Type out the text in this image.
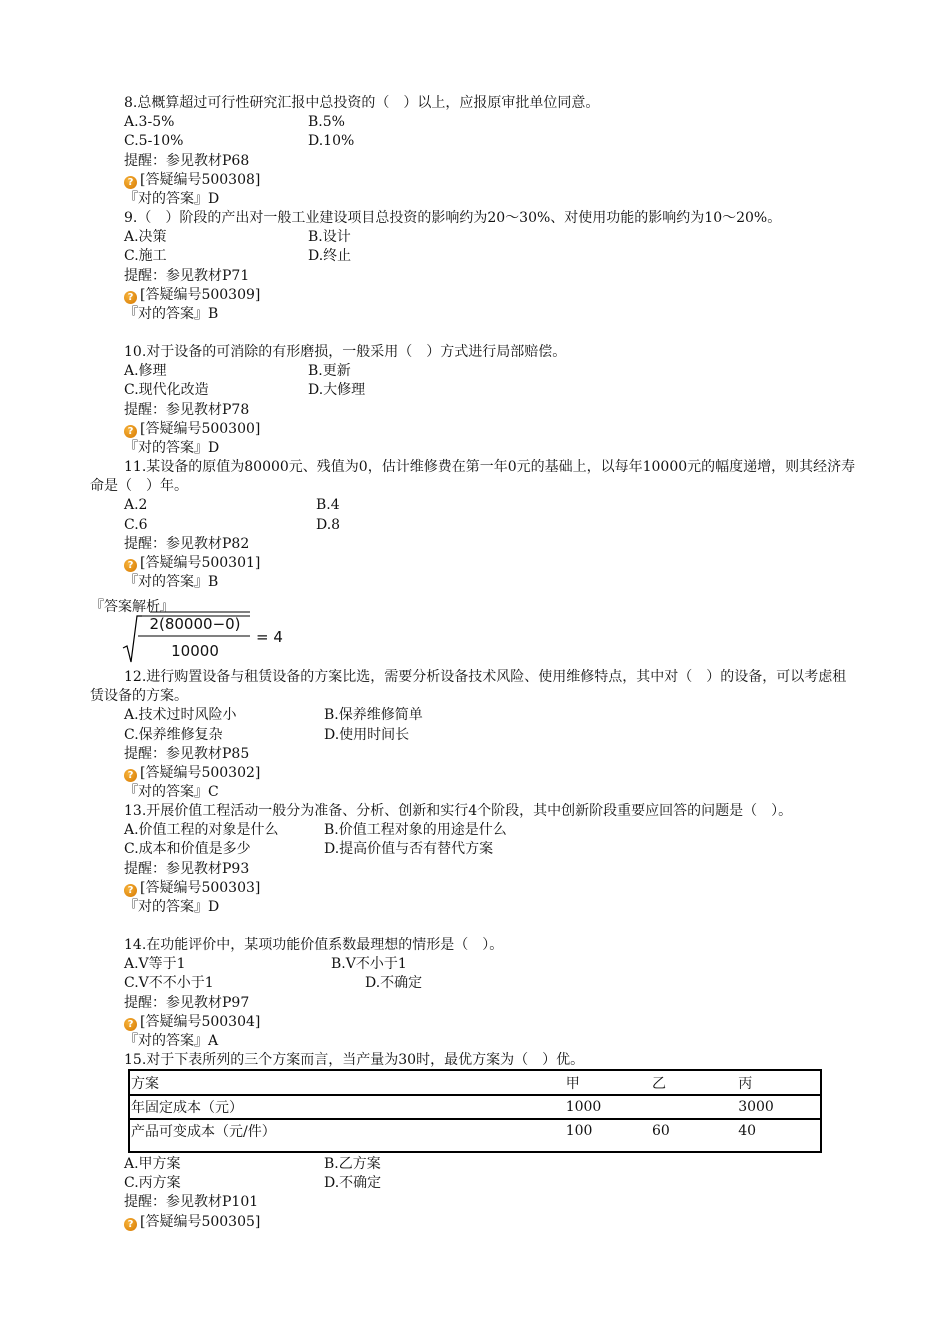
8.总概算超过可行性研究汇报中总投资的（　）以上，应报原审批单位同意。
A.3-5%	B.5%
C.5-10%	D.10%
提醒：参见教材P68
? [答疑编号500308]
『对的答案』D
9.（　）阶段的产出对一般工业建设项目总投资的影响约为20～30%、对使用功能的影响约为10～20%。
A.决策	B.设计
C.施工	D.终止
提醒：参见教材P71
? [答疑编号500309]
『对的答案』B
10.对于设备的可消除的有形磨损，一般采用（　）方式进行局部赔偿。
A.修理	B.更新
C.现代化改造	D.大修理
提醒：参见教材P78
? [答疑编号500300]
『对的答案』D
11.某设备的原值为80000元、残值为0，估计维修费在第一年0元的基础上，以每年10000元的幅度递增，则其经济寿命是（　）年。
A.2	B.4
C.6	D.8
提醒：参见教材P82
? [答疑编号500301]
『对的答案』B
『答案解析』
2(80000−0)
10000
= 4
12.进行购置设备与租赁设备的方案比选，需要分析设备技术风险、使用维修特点，其中对（　）的设备，可以考虑租赁设备的方案。
A.技术过时风险小	B.保养维修简单
C.保养维修复杂	D.使用时间长
提醒：参见教材P85
? [答疑编号500302]
『对的答案』C
13.开展价值工程活动一般分为准备、分析、创新和实行4个阶段，其中创新阶段重要应回答的问题是（　）。
A.价值工程的对象是什么	B.价值工程对象的用途是什么
C.成本和价值是多少	D.提高价值与否有替代方案
提醒：参见教材P93
? [答疑编号500303]
『对的答案』D
14.在功能评价中，某项功能价值系数最理想的情形是（　）。
A.V等于1	B.V不小于1
C.V不不小于1	D.不确定
提醒：参见教材P97
? [答疑编号500304]
『对的答案』A
15.对于下表所列的三个方案而言，当产量为30时，最优方案为（　）优。
方案	甲	乙	丙
年固定成本（元）	1000		3000
产品可变成本（元/件）	100	60	40
A.甲方案	B.乙方案
C.丙方案	D.不确定
提醒：参见教材P101
? [答疑编号500305]
